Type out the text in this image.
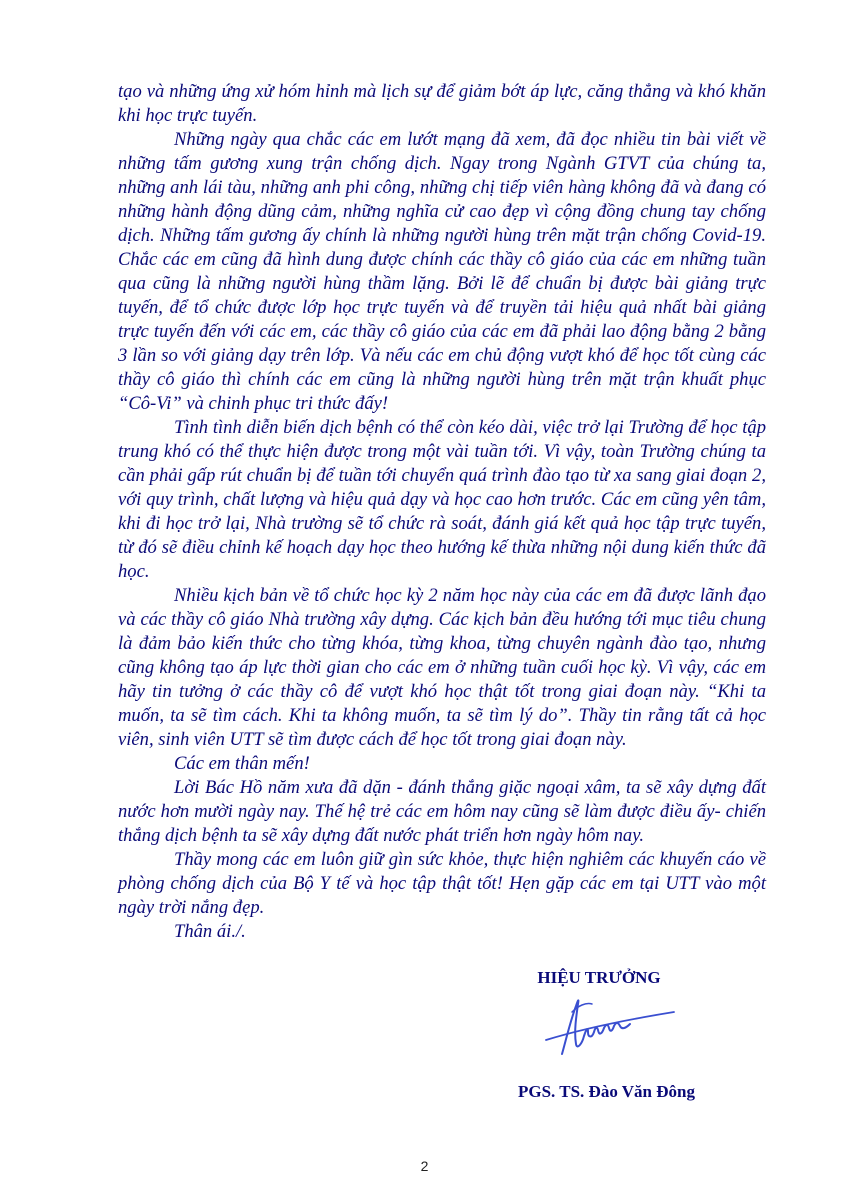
tạo và những ứng xử hóm hỉnh mà lịch sự để giảm bớt áp lực, căng thẳng và khó khăn khi học trực tuyến.

Những ngày qua chắc các em lướt mạng đã xem, đã đọc nhiều tin bài viết về những tấm gương xung trận chống dịch. Ngay trong Ngành GTVT của chúng ta, những anh lái tàu, những anh phi công, những chị tiếp viên hàng không đã và đang có những hành động dũng cảm, những nghĩa cử cao đẹp vì cộng đồng chung tay chống dịch. Những tấm gương ấy chính là những người hùng trên mặt trận chống Covid-19. Chắc các em cũng đã hình dung được chính các thầy cô giáo của các em những tuần qua cũng là những người hùng thầm lặng. Bởi lẽ để chuẩn bị được bài giảng trực tuyến, để tổ chức được lớp học trực tuyến và để truyền tải hiệu quả nhất bài giảng trực tuyến đến với các em, các thầy cô giáo của các em đã phải lao động bằng 2 bằng 3 lần so với giảng dạy trên lớp. Và nếu các em chủ động vượt khó để học tốt cùng các thầy cô giáo thì chính các em cũng là những người hùng trên mặt trận khuất phục “Cô-Vi” và chinh phục tri thức đấy!

Tình tình diễn biến dịch bệnh có thể còn kéo dài, việc trở lại Trường để học tập trung khó có thể thực hiện được trong một vài tuần tới. Vì vậy, toàn Trường chúng ta cần phải gấp rút chuẩn bị để tuần tới chuyển quá trình đào tạo từ xa sang giai đoạn 2, với quy trình, chất lượng và hiệu quả dạy và học cao hơn trước. Các em cũng yên tâm, khi đi học trở lại, Nhà trường sẽ tổ chức rà soát, đánh giá kết quả học tập trực tuyến, từ đó sẽ điều chỉnh kế hoạch dạy học theo hướng kế thừa những nội dung kiến thức đã học.

Nhiều kịch bản về tổ chức học kỳ 2 năm học này của các em đã được lãnh đạo và các thầy cô giáo Nhà trường xây dựng. Các kịch bản đều hướng tới mục tiêu chung là đảm bảo kiến thức cho từng khóa, từng khoa, từng chuyên ngành đào tạo, nhưng cũng không tạo áp lực thời gian cho các em ở những tuần cuối học kỳ. Vì vậy, các em hãy tin tưởng ở các thầy cô để vượt khó học thật tốt trong giai đoạn này. “Khi ta muốn, ta sẽ tìm cách. Khi ta không muốn, ta sẽ tìm lý do”. Thầy tin rằng tất cả học viên, sinh viên UTT sẽ tìm được cách để học tốt trong giai đoạn này.

Các em thân mến!

Lời Bác Hồ năm xưa đã dặn - đánh thắng giặc ngoại xâm, ta sẽ xây dựng đất nước hơn mười ngày nay. Thế hệ trẻ các em hôm nay cũng sẽ làm được điều ấy- chiến thắng dịch bệnh ta sẽ xây dựng đất nước phát triển hơn ngày hôm nay.

Thầy mong các em luôn giữ gìn sức khỏe, thực hiện nghiêm các khuyến cáo về phòng chống dịch của Bộ Y tế và học tập thật tốt! Hẹn gặp các em tại UTT vào một ngày trời nắng đẹp.

Thân ái./.

HIỆU TRƯỞNG
PGS. TS. Đào Văn Đông
2
